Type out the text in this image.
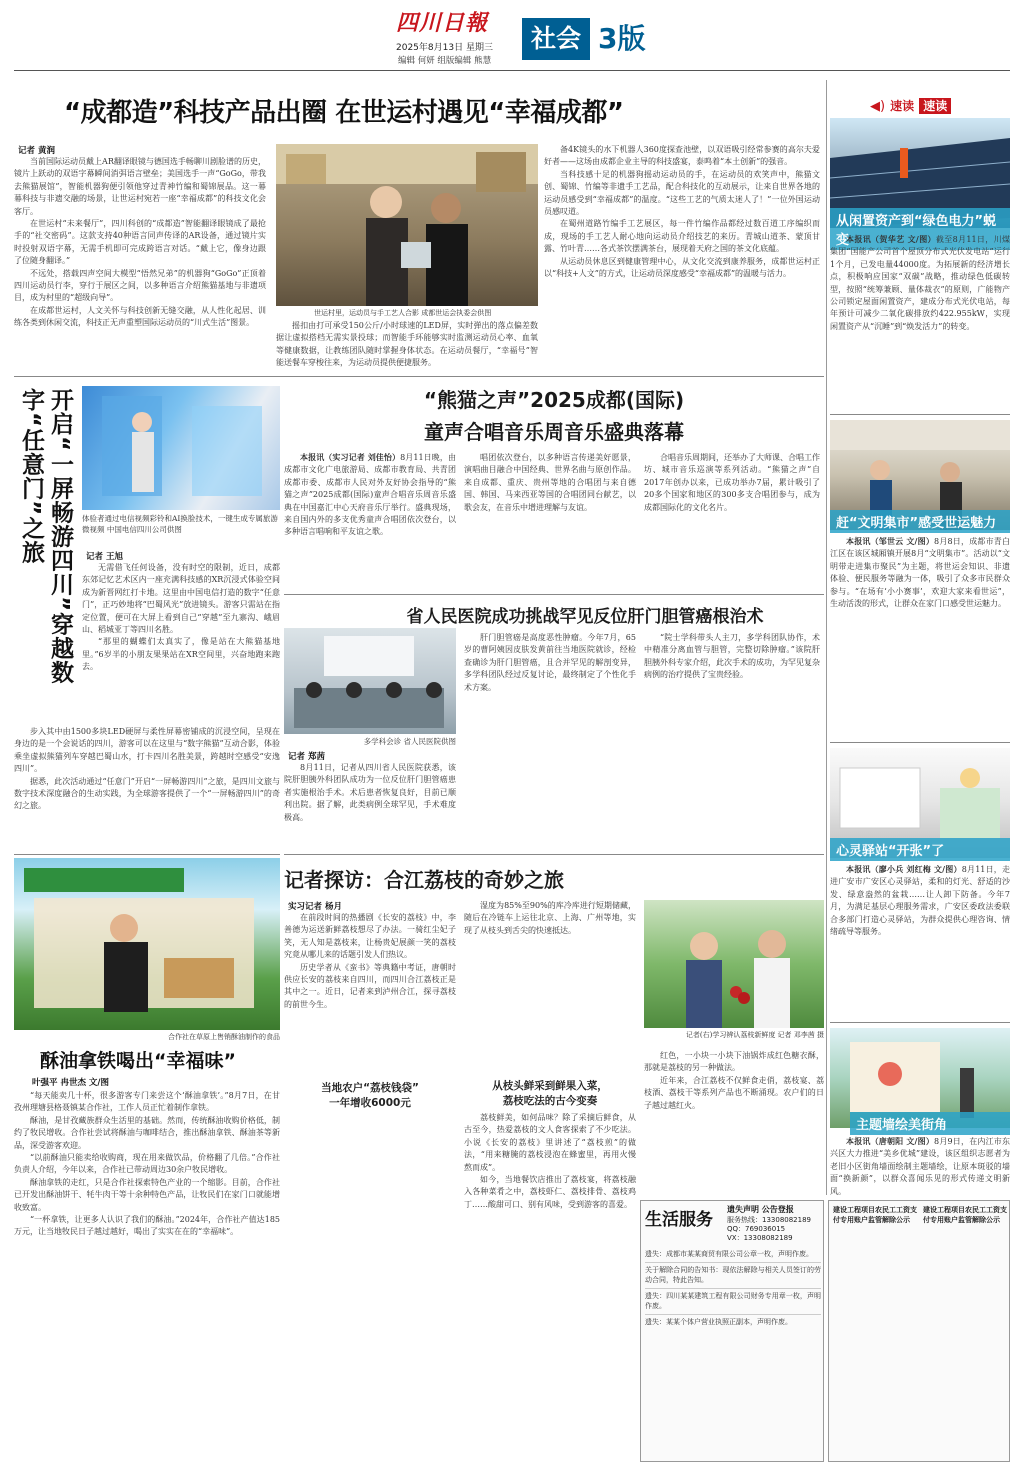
四川日報
2025年8月13日 星期三
编辑 何妍 组版编辑 熊慧
社会 3版
“成都造”科技产品出圈 在世运村遇见“幸福成都”
记者 黄润

当前国际运动员戴上AR翻译眼镜与德国选手畅聊川剧脸谱的历史，镜片上跃动的双语字幕瞬间消弭语言壁垒；美国选手一声“GoGo，带我去熊猫展馆”，智能机器狗便引领他穿过青神竹编和蜀锦展品。这一幕幕科技与非遗交融的场景，让世运村宛若一座“幸福成都”的科技文化会客厅。

在世运村“未来餐厅”，四川科创的“成都造”智能翻译眼镜成了最抢手的“社交密码”。这款支持40种语言同声传译的AR设备，通过镜片实时投射双语字幕，无需手机即可完成跨语言对话。“戴上它，像身边跟了位随身翻译。”

不远处，搭载四声空间大模型“悟然兄弟”的机器狗“GoGo”正顶着四川运动员行李，穿行于展区之间，以多种语言介绍熊猫基地与非遗项目，成为村里的“超级向导”。

在成都世运村，人文关怀与科技创新无缝交融，从人性化起居、训练各类到休闲交流，科技正无声重塑国际运动员的“川式生活”图景。

世运村里，运动员与手工艺人合影 成都世运会执委会供图

摇扣由打可承受150公斤/小时球速的LED屏，实时弹出的落点偏差数据让虚拟搭档无需实景投球；而智能手环能够实时监测运动员心率、血氧等健康数据，让教练团队随时掌握身体状态。在运动员餐厅，“幸福号”智能送餐车穿梭往来，为运动员提供便捷服务。

备4K镜头的水下机器人360度探查池壁，以双语吸引经常参赛的高尔夫爱好者——这场由成都企业主导的科技盛宴，泰鸣着“本土创新”的强音。

当科技感十足的机器狗摇动运动员的手，在运动员的欢笑声中，熊猫文创、蜀锦、竹编等非遗手工艺品，配合科技化的互动展示，让来自世界各地的运动员感受到“幸福成都”的温度。“这些工艺的气质太迷人了！”一位外国运动员感叹道。

在蜀州道路竹编手工艺展区，每一件竹编作品都经过数百道工序编织而成，现场的手工艺人耐心地向运动员介绍技艺的来历。青城山道茶、蒙顶甘露、竹叶青……各式茶饮摆满茶台，展现着天府之国的茶文化底蕴。

从运动员休息区到健康管理中心，从文化交流到康养服务，成都世运村正以“科技+人文”的方式，让运动员深度感受“幸福成都”的温暖与活力。

◀) 速读 速读
开启“一屏畅游四川”穿越数字“任意门”之旅	体验者通过电信视频彩铃和AI换脸技术，一键生成专属旅游微视频 中国电信四川公司供图
记者 王旭

无需借飞任何设备，没有时空的限制，近日，成都东郊记忆艺术区内一座充满科技感的XR沉浸式体验空间成为新晋网红打卡地。这里由中国电信打造的数字“任意门”，正巧妙地将“巴蜀风光”放进镜头。游客只需站在指定位置，便可在大屏上看到自己“穿越”至九寨沟、峨眉山、稻城亚丁等四川名胜。

“那里的蝴蝶们太真实了，像是站在大熊猫基地里。”6岁半的小朋友果果站在XR空间里，兴奋地跑来跑去。

步入其中由1500多块LED硬屏与柔性屏幕密铺成的沉浸空间，呈现在身边的是一个会说话的四川，游客可以在这里与“数字熊猫”互动合影，体验乘坐虚拟熊猫列车穿越巴蜀山水，打卡四川名胜美景，跨越时空感受“安逸四川”。

据悉，此次活动通过“任意门”开启“一屏畅游四川”之旅，是四川文旅与数字技术深度融合的生动实践，为全球游客提供了一个“一屏畅游四川”的奇幻之旅。

“熊猫之声”2025成都(国际)
童声合唱音乐周音乐盛典落幕

本报讯（实习记者 刘佳怡）8月11日晚，由成都市文化广电旅游局、成都市教育局、共青团成都市委、成都市人民对外友好协会指导的“熊猫之声”2025成都(国际)童声合唱音乐周音乐盛典在中国嘉汇中心天府音乐厅举行。盛典现场，来自国内外的多支优秀童声合唱团依次登台，以多种语言唱响和平友谊之歌。

唱团依次登台，以多种语言传递美好愿景，演唱曲目融合中国经典、世界名曲与原创作品。来自成都、重庆、贵州等地的合唱团与来自德国、韩国、马来西亚等国的合唱团同台献艺，以歌会友，在音乐中增进理解与友谊。

合唱音乐周期间，还举办了大师课、合唱工作坊、城市音乐巡演等系列活动。“熊猫之声”自2017年创办以来，已成功举办7届，累计吸引了20多个国家和地区的300多支合唱团参与，成为成都国际化的文化名片。

省人民医院成功挑战罕见反位肝门胆管癌根治术
多学科会诊 省人民医院供图
记者 郑茜

8月11日，记者从四川省人民医院获悉，该院肝胆胰外科团队成功为一位反位肝门胆管癌患者实施根治手术。术后患者恢复良好，目前已顺利出院。据了解，此类病例全球罕见，手术难度极高。

肝门胆管癌是高度恶性肿瘤。今年7月，65岁的曹阿姨因皮肤发黄前往当地医院就诊，经检查确诊为肝门胆管癌，且合并罕见的解剖变异，多学科团队经过反复讨论，最终制定了个性化手术方案。

“院士学科带头人主刀，多学科团队协作，术中精准分离血管与胆管，完整切除肿瘤。”该院肝胆胰外科专家介绍，此次手术的成功，为罕见复杂病例的治疗提供了宝贵经验。

合作社在草原上售销酥油制作的食品
酥油拿铁喝出“幸福味”
叶强平 冉世杰 文/图

“每天能卖几十杯，很多游客专门来尝这个‘酥油拿铁’。”8月7日，在甘孜州理塘县格聂镇某合作社，工作人员正忙着制作拿铁。

酥油，是甘孜藏族群众生活里的基础。然而，传统酥油收购价格低，制约了牧民增收。合作社尝试将酥油与咖啡结合，推出酥油拿铁、酥油茶等新品，深受游客欢迎。

“以前酥油只能卖给收购商，现在用来做饮品，价格翻了几倍。”合作社负责人介绍，今年以来，合作社已带动周边30余户牧民增收。

酥油拿铁的走红，只是合作社探索特色产业的一个缩影。目前，合作社已开发出酥油饼干、牦牛肉干等十余种特色产品，让牧民们在家门口就能增收致富。

“一杯拿铁，让更多人认识了我们的酥油。”2024年，合作社产值达185万元，让当地牧民日子越过越好，喝出了实实在在的“幸福味”。

记者探访：合江荔枝的奇妙之旅
实习记者 杨月

在前段时间的热播剧《长安的荔枝》中，李善德为运送新鲜荔枝想尽了办法。一骑红尘妃子笑，无人知是荔枝来，让杨贵妃展颜一笑的荔枝究竟从哪儿来的话题引发人们热议。

历史学者从《蛮书》等典籍中考证，唐朝时供应长安的荔枝来自四川，而四川合江荔枝正是其中之一。近日，记者来到泸州合江，探寻荔枝的前世今生。

湿度为85%至90%的库冷库进行短期储藏，随后在冷链车上运往北京、上海、广州等地，实现了从枝头到舌尖的快速抵达。

记者(右)学习辨认荔枝新鲜度 记者 邓李茜 摄

红色，一小块一小块下油锅炸成红色糖衣酥，那就是荔枝的另一种做法。

近年来，合江荔枝不仅鲜食走俏，荔枝宴、荔枝酒、荔枝干等系列产品也不断涌现。农户们的日子越过越红火。

当地农户“荔枝钱袋”
一年增收6000元
从枝头鲜采到鲜果入菜，
荔枝吃法的古今变奏

荔枝鲜美，如何品味？除了采摘后鲜食，从古至今，热爱荔枝的文人食客探索了不少吃法。小说《长安的荔枝》里讲述了“荔枝煎”的做法，“用来糖腌的荔枝浸泡在蜂蜜里，再用火慢熬而成”。

如今，当地餐饮店推出了荔枝宴，将荔枝融入各种菜肴之中，荔枝虾仁、荔枝排骨、荔枝鸡丁……酸甜可口、别有风味，受到游客的喜爱。

生活服务
遗失声明 公告登报
服务热线：13308082189
QQ：769036015
VX：13308082189
遗失：成都市某某商贸有限公司公章一枚，声明作废。
关于解除合同的告知书：现依法解除与相关人员签订的劳动合同，特此告知。
遗失：四川某某建筑工程有限公司财务专用章一枚，声明作废。
遗失：某某个体户营业执照正副本，声明作废。
建设工程项目农民工工资支付专用账户监管解除公示
建设工程项目农民工工资支付专用账户监管解除公示
从闲置资产到“绿色电力”蜕变

本报讯（贺华艺 文/图）截至8月11日，川煤集团“国能产公司首个屋顶分布式光伏发电站”运行1个月，已发电量44000度。为拓展新的经济增长点，积极响应国家“双碳”战略，推动绿色低碳转型，按照“统筹兼顾、量体裁衣”的原则，广能物产公司锁定屋面闲置资产，建成分布式光伏电站，每年预计可减少二氧化碳排放约422.955kW，实现闲置资产从“沉睡”到“焕发活力”的转变。

赶“文明集市”感受世运魅力

本报讯（邹世云 文/图）8月8日，成都市青白江区在该区城厢镇开展8月“文明集市”。活动以“文明带走进集市聚民”为主题，将世运会知识、非遗体验、便民服务等融为一体，吸引了众多市民群众参与。“在场有‘小小赛事’，欢迎大家来看世运”，生动活泼的形式，让群众在家门口感受世运魅力。

心灵驿站“开张”了

本报讯（廖小兵 刘红梅 文/图）8月11日，走进广安市广安区心灵驿站，柔和的灯光、舒适的沙发、绿意盎然的盆栽……让人卸下防备。今年7月，为满足基层心理服务需求，广安区委政法委联合多部门打造心灵驿站，为群众提供心理咨询、情绪疏导等服务。

主题墙绘美街角

本报讯（唐朝阳 文/图）8月9日，在内江市东兴区大力推进“美乡优城”建设，该区组织志愿者为老旧小区街角墙面绘制主题墙绘，让原本斑驳的墙面“换新颜”，以群众喜闻乐见的形式传递文明新风。
